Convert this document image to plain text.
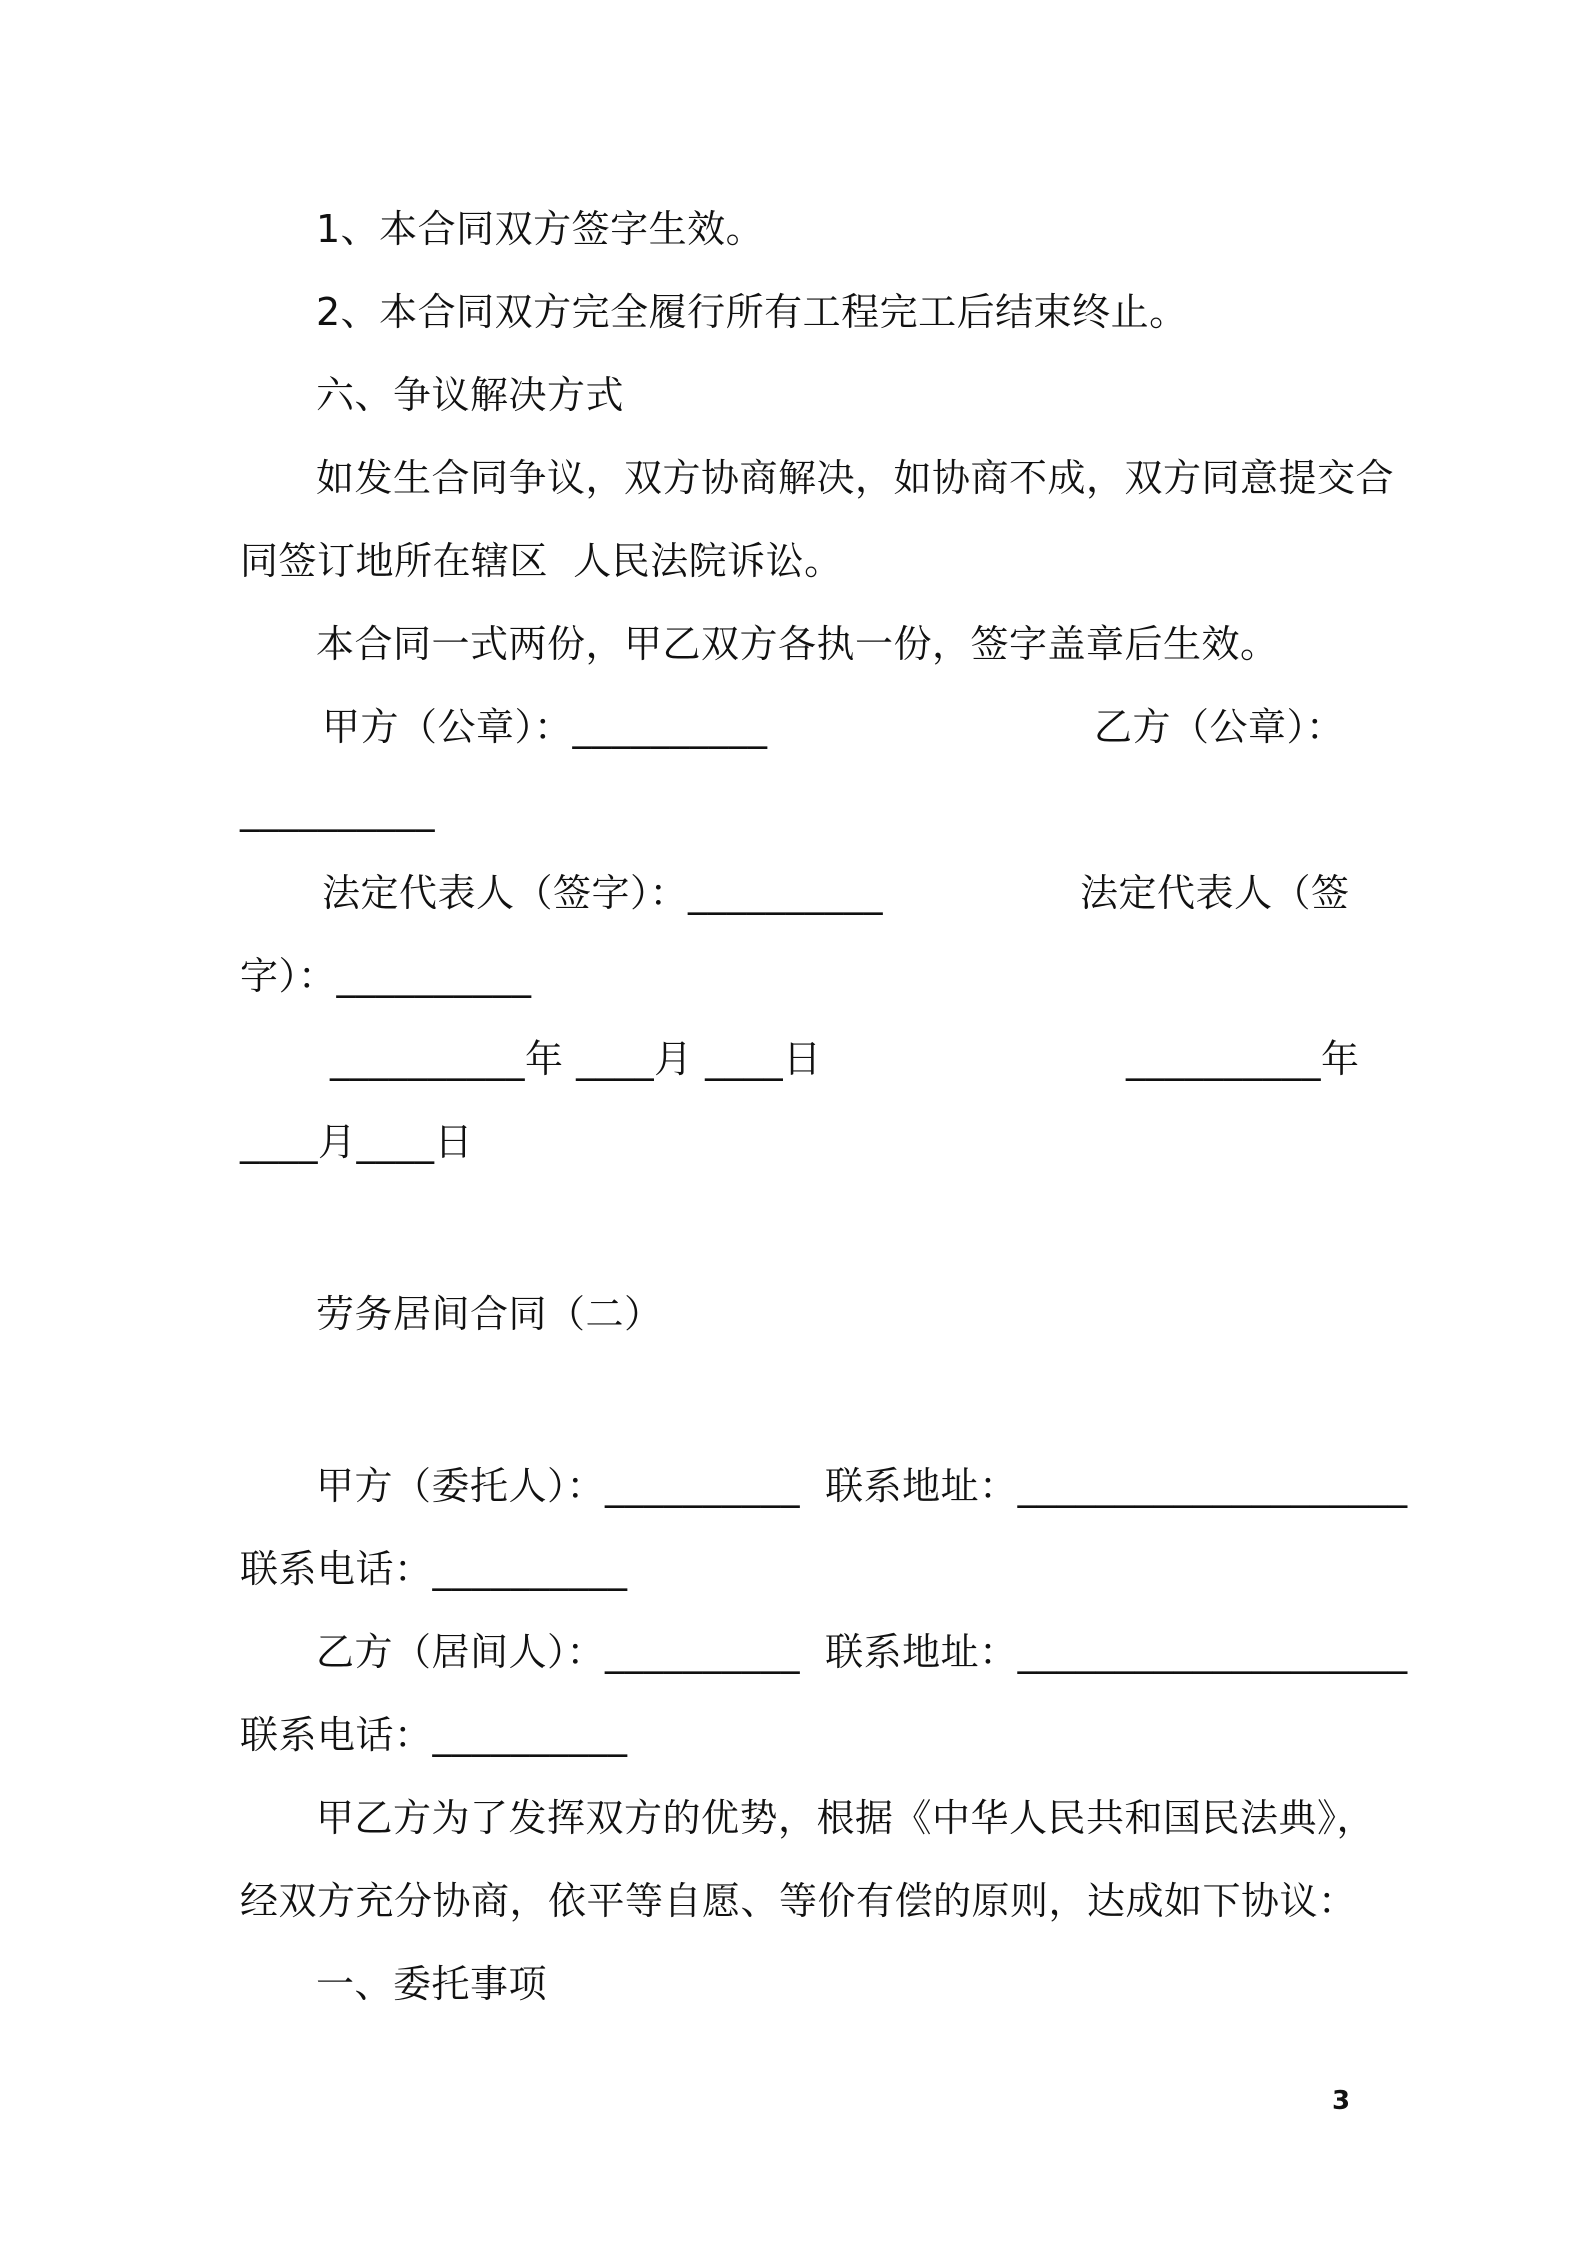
1、本合同双方签字生效。
2、本合同双方完全履行所有工程完工后结束终止。
六、争议解决方式
如发生合同争议，双方协商解决，如协商不成，双方同意提交合
同签订地所在辖区  人民法院诉讼。
本合同一式两份，甲乙双方各执一份，签字盖章后生效。
甲方（公章）：__________	乙方（公章）：
__________
法定代表人（签字）：__________	法定代表人（签
字）：__________
__________年 ____月 ____日	__________年
____月____日
劳务居间合同（二）
甲方（委托人）：__________  联系地址：____________________
联系电话：__________
乙方（居间人）：__________  联系地址：____________________
联系电话：__________
甲乙方为了发挥双方的优势，根据《中华人民共和国民法典》，
经双方充分协商，依平等自愿、等价有偿的原则，达成如下协议：
一、委托事项
3
